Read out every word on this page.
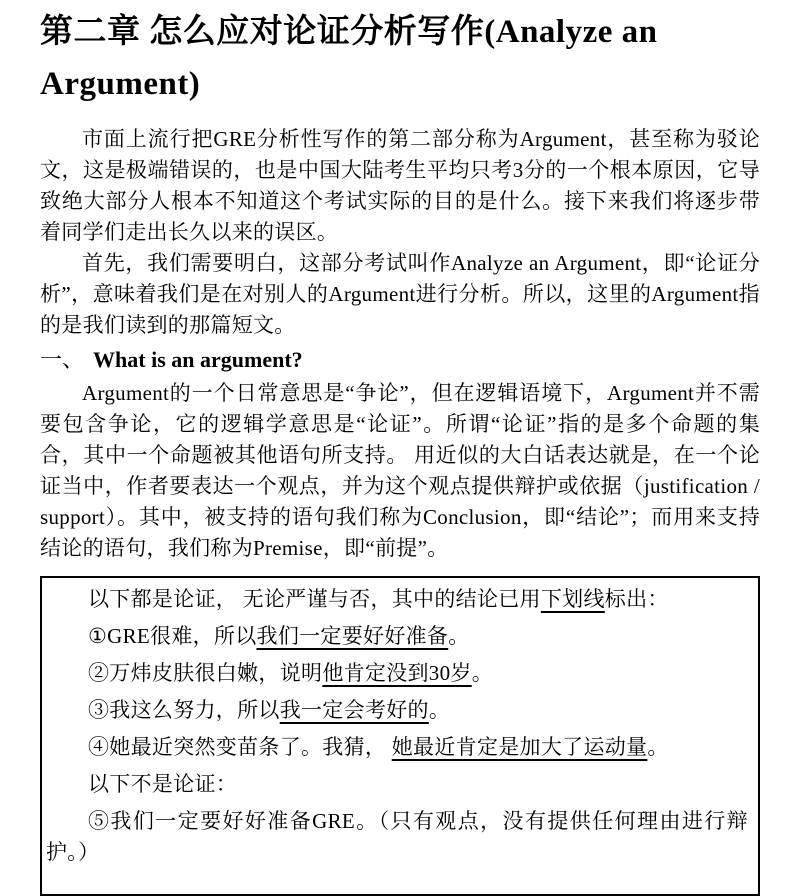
第二章 怎么应对论证分析写作(Analyze an Argument)

市面上流行把GRE分析性写作的第二部分称为Argument，甚至称为驳论文，这是极端错误的，也是中国大陆考生平均只考3分的一个根本原因，它导致绝大部分人根本不知道这个考试实际的目的是什么。接下来我们将逐步带着同学们走出长久以来的误区。

首先，我们需要明白，这部分考试叫作Analyze an Argument，即“论证分析”，意味着我们是在对别人的Argument进行分析。所以，这里的Argument指的是我们读到的那篇短文。

一、 What is an argument?

Argument的一个日常意思是“争论”，但在逻辑语境下，Argument并不需要包含争论，它的逻辑学意思是“论证”。所谓“论证”指的是多个命题的集合，其中一个命题被其他语句所支持。 用近似的大白话表达就是，在一个论证当中，作者要表达一个观点，并为这个观点提供辩护或依据（justification / support）。其中，被支持的语句我们称为Conclusion，即“结论”；而用来支持结论的语句，我们称为Premise，即“前提”。

以下都是论证， 无论严谨与否，其中的结论已用下划线标出：

①GRE很难，所以我们一定要好好准备。

②万炜皮肤很白嫩，说明他肯定没到30岁。

③我这么努力，所以我一定会考好的。

④她最近突然变苗条了。我猜， 她最近肯定是加大了运动量。

以下不是论证：

⑤我们一定要好好准备GRE。（只有观点，没有提供任何理由进行辩护。）
